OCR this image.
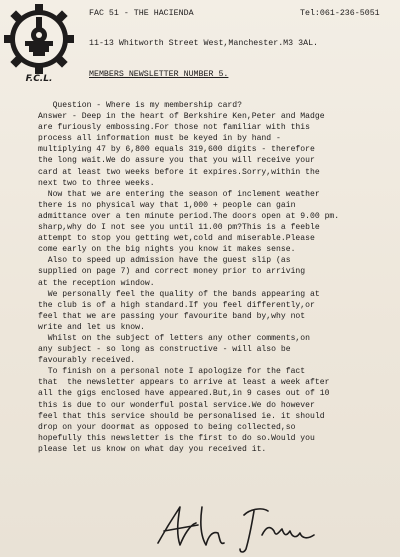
F.C.L.
FAC 51 - THE HACIENDA	Tel:061-236-5051
11-13 Whitworth Street West,Manchester.M3 3AL.
MEMBERS NEWSLETTER NUMBER 5.
Question - Where is my membership card?
Answer - Deep in the heart of Berkshire Ken,Peter and Madge
are furiously embossing.For those not familiar with this
process all information must be keyed in by hand -
multiplying 47 by 6,800 equals 319,600 digits - therefore
the long wait.We do assure you that you will receive your
card at least two weeks before it expires.Sorry,within the
next two to three weeks.
Now that we are entering the season of inclement weather
there is no physical way that 1,000 + people can gain
admittance over a ten minute period.The doors open at 9.00 pm.
sharp,why do I not see you until 11.00 pm?This is a feeble
attempt to stop you getting wet,cold and miserable.Please
come early on the big nights you know it makes sense.
Also to speed up admission have the guest slip (as
supplied on page 7) and correct money prior to arriving
at the reception window.
We personally feel the quality of the bands appearing at
the club is of a high standard.If you feel differently,or
feel that we are passing your favourite band by,why not
write and let us know.
Whilst on the subject of letters any other comments,on
any subject - so long as constructive - will also be
favourably received.
To finish on a personal note I apologize for the fact
that  the newsletter appears to arrive at least a week after
all the gigs enclosed have appeared.But,in 9 cases out of 10
this is due to our wonderful postal service.We do however
feel that this service should be personalised ie. it should
drop on your doormat as opposed to being collected,so
hopefully this newsletter is the first to do so.Would you
please let us know on what day you received it.
